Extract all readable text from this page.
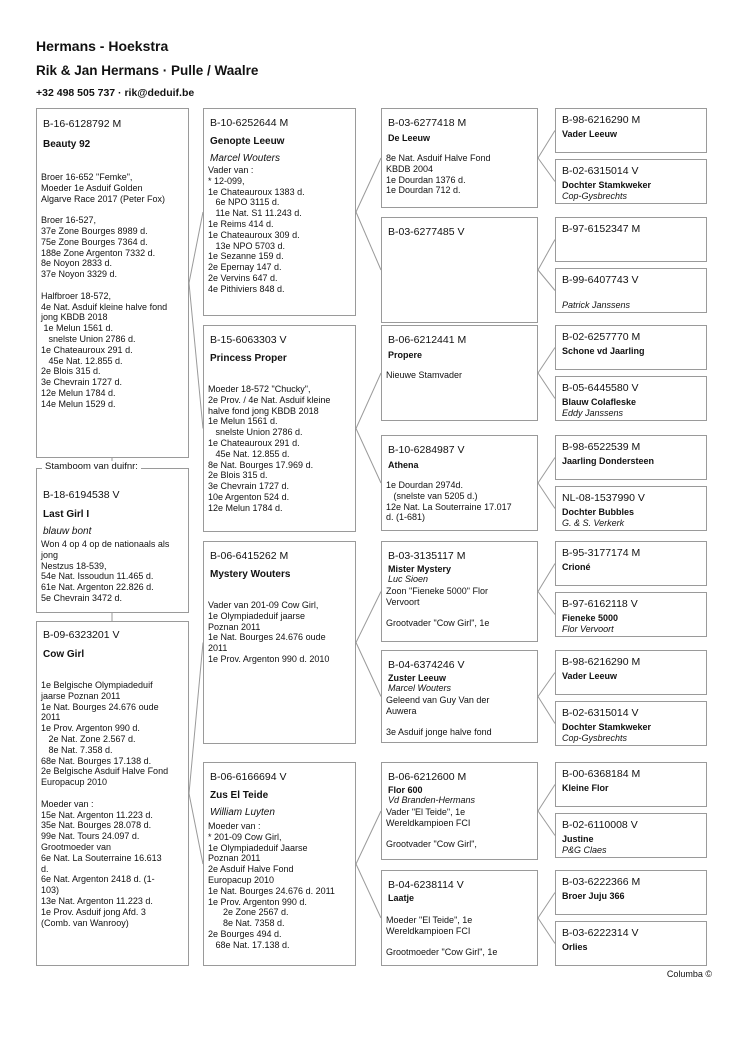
Hermans - Hoekstra
Rik & Jan Hermans · Pulle / Waalre
+32 498 505 737 · rik@deduif.be
B-16-6128792 M
Beauty 92
Broer 16-652 "Femke",
Moeder 1e Asduif Golden
Algarve Race 2017 (Peter Fox)

Broer 16-527,
37e Zone Bourges 8989 d.
75e Zone Bourges 7364 d.
188e Zone Argenton 7332 d.
8e Noyon 2833 d.
37e Noyon 3329 d.

Halfbroer 18-572,
4e Nat. Asduif kleine halve fond
jong KBDB 2018
1e Melun 1561 d.
snelste Union 2786 d.
1e Chateauroux 291 d.
45e Nat. 12.855 d.
2e Blois 315 d.
3e Chevrain 1727 d.
12e Melun 1784 d.
14e Melun 1529 d.
B-18-6194538 V
Last Girl I
blauw bont
Won 4 op 4 op de nationaals als
jong
Nestzus 18-539,
54e Nat. Issoudun 11.465 d.
61e Nat. Argenton 22.826 d.
5e Chevrain 3472 d.
B-09-6323201 V
Cow Girl
1e Belgische Olympiadeduif
jaarse Poznan 2011
1e Nat. Bourges 24.676 oude
2011
1e Prov. Argenton 990 d.
2e Nat. Zone 2.567 d.
8e Nat. 7.358 d.
68e Nat. Bourges 17.138 d.
2e Belgische Asduif Halve Fond
Europacup 2010

Moeder van :
15e Nat. Argenton 11.223 d.
35e Nat. Bourges 28.078 d.
99e Nat. Tours 24.097 d.
Grootmoeder van
6e Nat. La Souterraine 16.613
d.
6e Nat. Argenton 2418 d. (1-
103)
13e Nat. Argenton 11.223 d.
1e Prov. Asduif jong Afd. 3
(Comb. van Wanrooy)
B-10-6252644 M
Genopte Leeuw
Marcel Wouters
Vader van :
* 12-099,
1e Chateauroux 1383 d.
6e NPO 3115 d.
11e Nat. S1 11.243 d.
1e Reims 414 d.
1e Chateauroux 309 d.
13e NPO 5703 d.
1e Sezanne 159 d.
2e Epernay 147 d.
2e Vervins 647 d.
4e Pithiviers 848 d.
B-15-6063303 V
Princess Proper
Moeder 18-572 "Chucky",
2e Prov. / 4e Nat. Asduif kleine
halve fond jong KBDB 2018
1e Melun 1561 d.
snelste Union 2786 d.
1e Chateauroux 291 d.
45e Nat. 12.855 d.
8e Nat. Bourges 17.969 d.
2e Blois 315 d.
3e Chevrain 1727 d.
10e Argenton 524 d.
12e Melun 1784 d.
B-06-6415262 M
Mystery Wouters
Vader van 201-09 Cow Girl,
1e Olympiadeduif jaarse
Poznan 2011
1e Nat. Bourges 24.676 oude
2011
1e Prov. Argenton 990 d. 2010
B-06-6166694 V
Zus El Teide
William Luyten
Moeder van :
* 201-09 Cow Girl,
1e Olympiadeduif Jaarse
Poznan 2011
2e Asduif Halve Fond
Europacup 2010
1e Nat. Bourges 24.676 d. 2011
1e Prov. Argenton 990 d.
2e Zone 2567 d.
8e Nat. 7358 d.
2e Bourges 494 d.
68e Nat. 17.138 d.
B-03-6277418 M
De Leeuw
8e Nat. Asduif Halve Fond
KBDB 2004
1e Dourdan 1376 d.
1e Dourdan 712 d.
B-03-6277485 V
B-06-6212441 M
Propere
Nieuwe Stamvader
B-10-6284987 V
Athena
1e Dourdan 2974d.
(snelste van 5205 d.)
12e Nat. La Souterraine 17.017
d. (1-681)
B-03-3135117 M
Mister Mystery
Luc Sioen
Zoon "Fieneke 5000" Flor
Vervoort

Grootvader "Cow Girl", 1e
B-04-6374246 V
Zuster Leeuw
Marcel Wouters
Geleend van Guy Van der
Auwera

3e Asduif jonge halve fond
B-06-6212600 M
Flor 600
Vd Branden-Hermans
Vader "El Teide", 1e
Wereldkampioen FCI

Grootvader "Cow Girl",
B-04-6238114 V
Laatje
Moeder "El Teide", 1e
Wereldkampioen FCI

Grootmoeder "Cow Girl", 1e
B-98-6216290 M
Vader Leeuw
B-02-6315014 V
Dochter Stamkweker
Cop-Gysbrechts
B-97-6152347 M
B-99-6407743 V
Patrick Janssens
B-02-6257770 M
Schone vd Jaarling
B-05-6445580 V
Blauw Colafleske
Eddy Janssens
B-98-6522539 M
Jaarling Dondersteen
NL-08-1537990 V
Dochter Bubbles
G. & S. Verkerk
B-95-3177174 M
Crioné
B-97-6162118 V
Fieneke 5000
Flor Vervoort
B-98-6216290 M
Vader Leeuw
B-02-6315014 V
Dochter Stamkweker
Cop-Gysbrechts
B-00-6368184 M
Kleine Flor
B-02-6110008 V
Justine
P&G Claes
B-03-6222366 M
Broer Juju 366
B-03-6222314 V
Orlies
Stamboom van duifnr:
Columba ©
